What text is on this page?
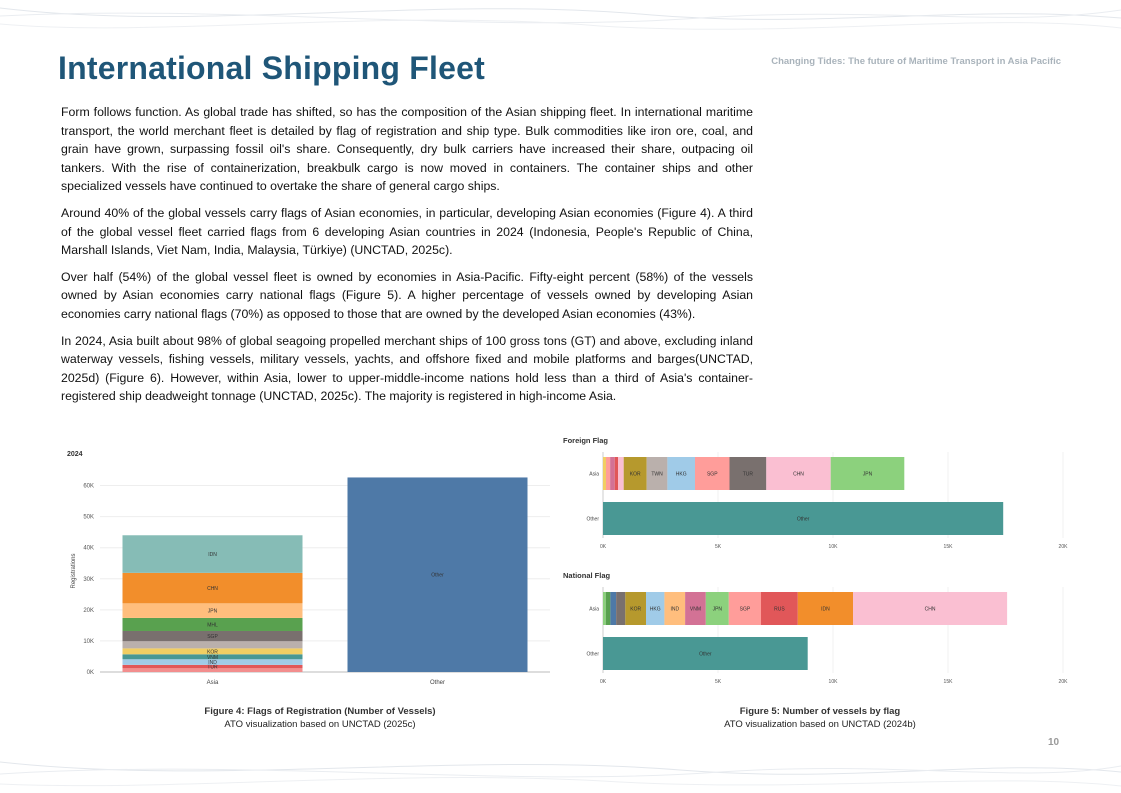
International Shipping Fleet	Changing Tides: The future of Maritime Transport in Asia Pacific

Form follows function. As global trade has shifted, so has the composition of the Asian shipping fleet. In international maritime transport, the world merchant fleet is detailed by flag of registration and ship type. Bulk commodities like iron ore, coal, and grain have grown, surpassing fossil oil's share. Consequently, dry bulk carriers have increased their share, outpacing oil tankers. With the rise of containerization, breakbulk cargo is now moved in containers. The container ships and other specialized vessels have continued to overtake the share of general cargo ships.

Around 40% of the global vessels carry flags of Asian economies, in particular, developing Asian economies (Figure 4). A third of the global vessel fleet carried flags from 6 developing Asian countries in 2024 (Indonesia, People's Republic of China, Marshall Islands, Viet Nam, India, Malaysia, Türkiye) (UNCTAD, 2025c).

Over half (54%) of the global vessel fleet is owned by economies in Asia-Pacific. Fifty-eight percent (58%) of the vessels owned by Asian economies carry national flags (Figure 5). A higher percentage of vessels owned by developing Asian economies carry national flags (70%) as opposed to those that are owned by the developed Asian economies (43%).

In 2024, Asia built about 98% of global seagoing propelled merchant ships of 100 gross tons (GT) and above, excluding inland waterway vessels, fishing vessels, military vessels, yachts, and offshore fixed and mobile platforms and barges(UNCTAD, 2025d) (Figure 6). However, within Asia, lower to upper-middle-income nations hold less than a third of Asia's container-registered ship deadweight tonnage (UNCTAD, 2025c). The majority is registered in high-income Asia.

2024
Registrations
0K
10K
20K
30K
40K
50K
60K
Asia	Other
TUR
IND
VNM
KOR
SGP
MHL
JPN
CHN
IDN
Other
Foreign Flag
0K	5K	10K	15K	20K
Asia
Other
KOR TWN	HKG	SGP	TUR	CHN	JPN
Other
National Flag
0K	5K	10K	15K	20K
Asia
Other
KOR HKG IND VNM JPN	SGP	RUS	IDN	CHN
Other
Figure 4: Flags of Registration (Number of Vessels)
ATO visualization based on UNCTAD (2025c)
Figure 5: Number of vessels by flag
ATO visualization based on UNCTAD (2024b)
10
